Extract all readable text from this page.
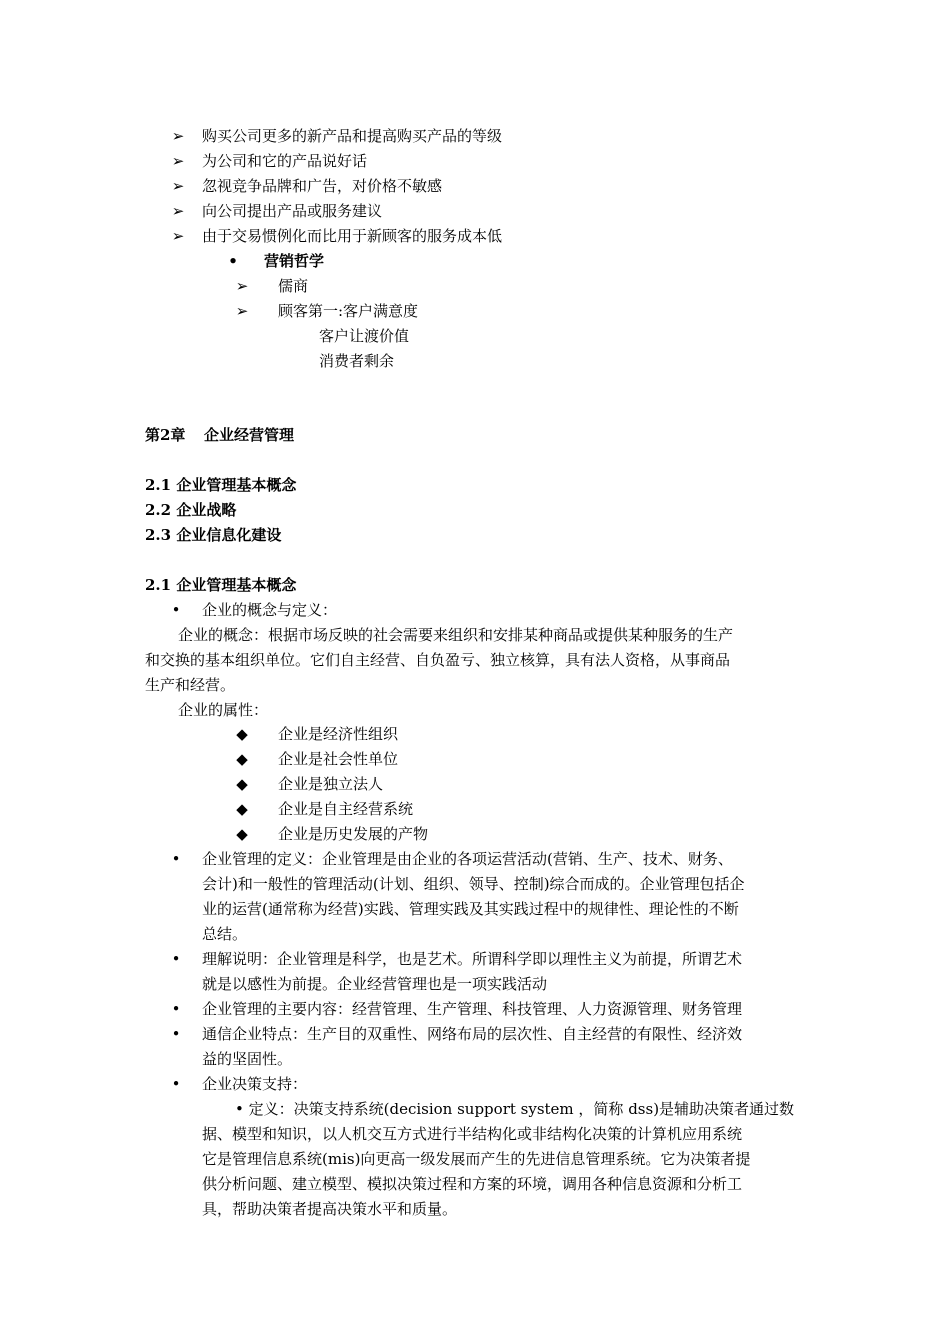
➢ 购买公司更多的新产品和提高购买产品的等级
➢ 为公司和它的产品说好话
➢ 忽视竞争品牌和广告，对价格不敏感
➢ 向公司提出产品或服务建议
➢ 由于交易惯例化而比用于新顾客的服务成本低
•	营销哲学
➢ 儒商
➢ 顾客第一:客户满意度
客户让渡价值
消费者剩余
第2章 企业经营管理
2.1 企业管理基本概念
2.2 企业战略
2.3 企业信息化建设
2.1 企业管理基本概念
•	企业的概念与定义：
企业的概念：根据市场反映的社会需要来组织和安排某种商品或提供某种服务的生产
和交换的基本组织单位。它们自主经营、自负盈亏、独立核算，具有法人资格，从事商品
生产和经营。
企业的属性：
◆ 企业是经济性组织
◆ 企业是社会性单位
◆ 企业是独立法人
◆ 企业是自主经营系统
◆ 企业是历史发展的产物
•	企业管理的定义：企业管理是由企业的各项运营活动(营销、生产、技术、财务、
会计)和一般性的管理活动(计划、组织、领导、控制)综合而成的。企业管理包括企
业的运营(通常称为经营)实践、管理实践及其实践过程中的规律性、理论性的不断
总结。
•	理解说明：企业管理是科学，也是艺术。所谓科学即以理性主义为前提，所谓艺术
就是以感性为前提。企业经营管理也是一项实践活动
•	企业管理的主要内容：经营管理、生产管理、科技管理、人力资源管理、财务管理
•	通信企业特点：生产目的双重性、网络布局的层次性、自主经营的有限性、经济效
益的坚固性。
•	企业决策支持：
• 定义：决策支持系统(decision support system ，简称 dss)是辅助决策者通过数
据、模型和知识，以人机交互方式进行半结构化或非结构化决策的计算机应用系统
它是管理信息系统(mis)向更高一级发展而产生的先进信息管理系统。它为决策者提
供分析问题、建立模型、模拟决策过程和方案的环境，调用各种信息资源和分析工
具，帮助决策者提高决策水平和质量。
